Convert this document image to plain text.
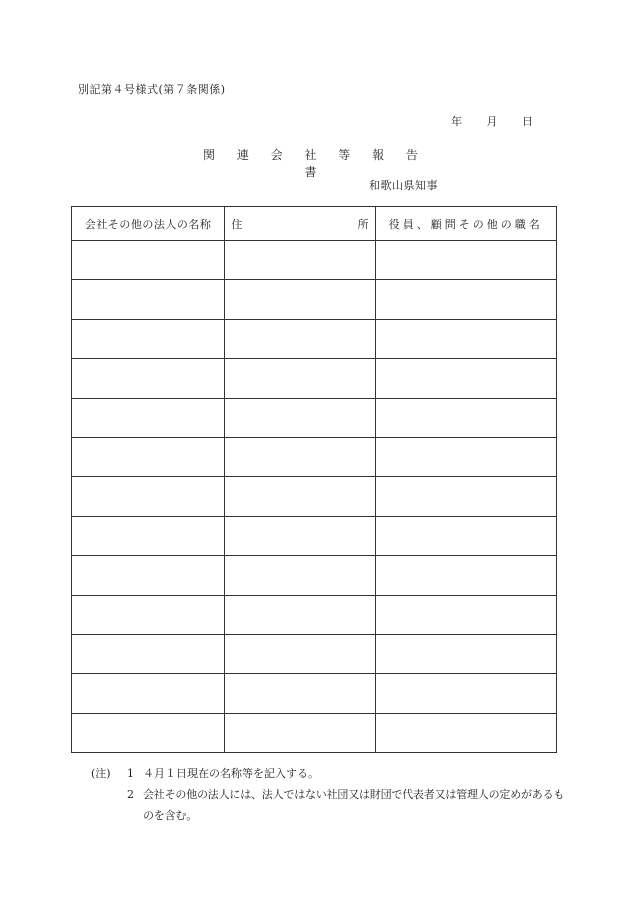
別記第４号様式(第７条関係)
年 月 日
関 連 会 社 等 報 告 書
和歌山県知事
会社その他の法人の名称	住 所	役員、顧問その他の職名

(注)	1 ４月１日現在の名称等を記入する。
2 会社その他の法人には、法人ではない社団又は財団で代表者又は管理人の定めがあるものを含む。
